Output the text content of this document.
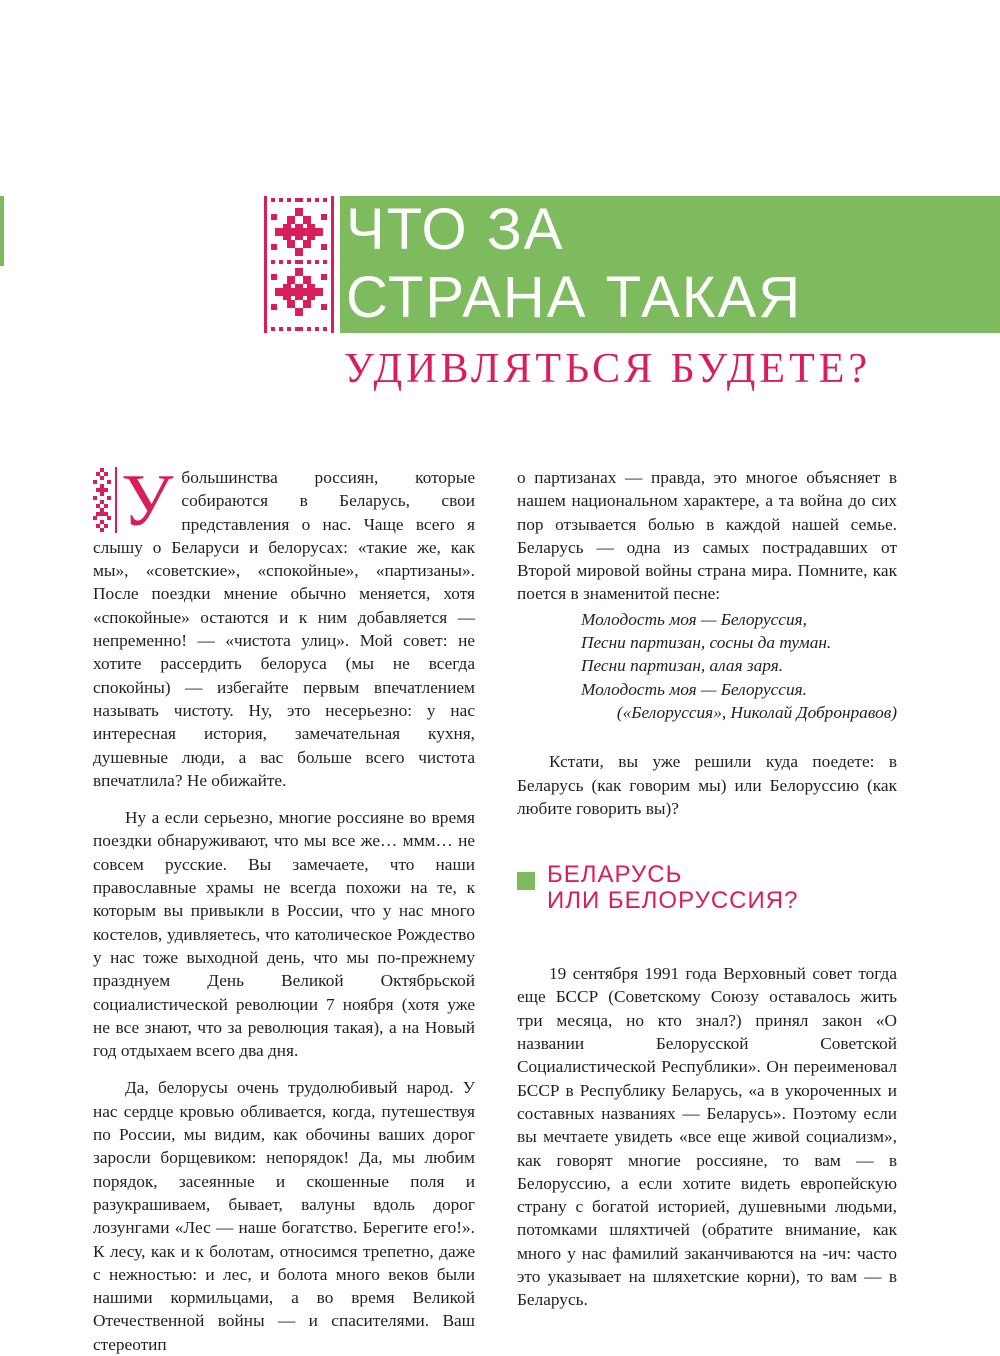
ЧТО ЗА
СТРАНА ТАКАЯ
УДИВЛЯТЬСЯ БУДЕТЕ?
У большинства россиян, которые собираются в Беларусь, свои представления о нас. Чаще всего я слышу о Беларуси и белорусах: «такие же, как мы», «советские», «спокойные», «партизаны». После поездки мнение обычно меняется, хотя «спокойные» остаются и к ним добавляется — непременно! — «чистота улиц». Мой совет: не хотите рассердить белоруса (мы не всегда спокойны) — избегайте первым впечатлением называть чистоту. Ну, это несерьезно: у нас интересная история, замечательная кухня, душевные люди, а вас больше всего чистота впечатлила? Не обижайте.

Ну а если серьезно, многие россияне во время поездки обнаруживают, что мы все же… ммм… не совсем русские. Вы замечаете, что наши православные храмы не всегда похожи на те, к которым вы привыкли в России, что у нас много костелов, удивляетесь, что католическое Рождество у нас тоже выходной день, что мы по-прежнему празднуем День Великой Октябрьской социалистической революции 7 ноября (хотя уже не все знают, что за революция такая), а на Новый год отдыхаем всего два дня.

Да, белорусы очень трудолюбивый народ. У нас сердце кровью обливается, когда, путешествуя по России, мы видим, как обочины ваших дорог заросли борщевиком: непорядок! Да, мы любим порядок, засеянные и скошенные поля и разукрашиваем, бывает, валуны вдоль дорог лозунгами «Лес — наше богатство. Берегите его!». К лесу, как и к болотам, относимся трепетно, даже с нежностью: и лес, и болота много веков были нашими кормильцами, а во время Великой Отечественной войны — и спасителями. Ваш стереотип

о партизанах — правда, это многое объясняет в нашем национальном характере, а та война до сих пор отзывается болью в каждой нашей семье. Беларусь — одна из самых пострадавших от Второй мировой войны страна мира. Помните, как поется в знаменитой песне:

Молодость моя — Белоруссия,
Песни партизан, сосны да туман.
Песни партизан, алая заря.
Молодость моя — Белоруссия.

(«Белоруссия», Николай Добронравов)

Кстати, вы уже решили куда поедете: в Беларусь (как говорим мы) или Белоруссию (как любите говорить вы)?

БЕЛАРУСЬ
ИЛИ БЕЛОРУССИЯ?

19 сентября 1991 года Верховный совет тогда еще БССР (Советскому Союзу оставалось жить три месяца, но кто знал?) принял закон «О названии Белорусской Советской Социалистической Республики». Он переименовал БССР в Республику Беларусь, «а в укороченных и составных названиях — Беларусь». Поэтому если вы мечтаете увидеть «все еще живой социализм», как говорят многие россияне, то вам — в Белоруссию, а если хотите видеть европейскую страну с богатой историей, душевными людьми, потомками шляхтичей (обратите внимание, как много у нас фамилий заканчиваются на -ич: часто это указывает на шляхетские корни), то вам — в Беларусь.
